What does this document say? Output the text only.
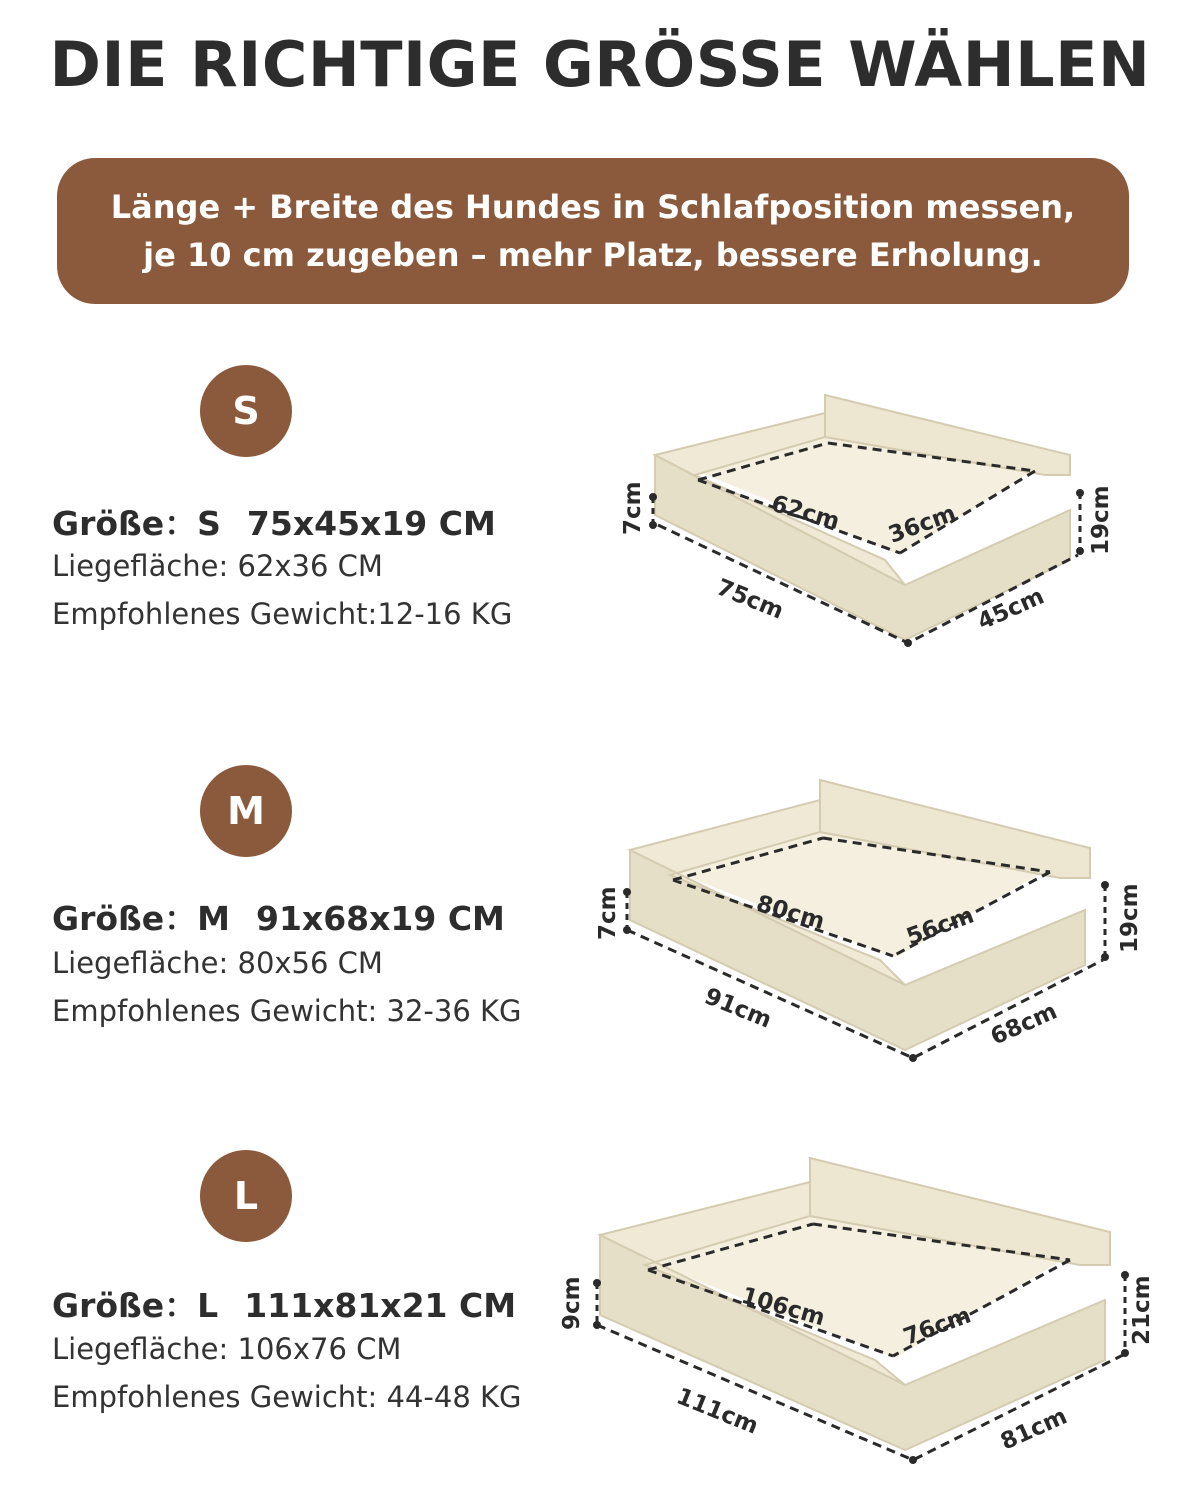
DIE RICHTIGE GRÖSSE WÄHLEN
Länge + Breite des Hundes in Schlafposition messen,
je 10 cm zugeben – mehr Platz, bessere Erholung.
S
Größe：S 75x45x19 CM
Liegefläche: 62x36 CM
Empfohlenes Gewicht:12-16 KG
62cm 36cm
75cm	45cm
7cm	19cm
M
Größe：M 91x68x19 CM
Liegefläche: 80x56 CM
Empfohlenes Gewicht: 32-36 KG
80cm	56cm
91cm	68cm
7cm	19cm
L
Größe：L 111x81x21 CM
Liegefläche: 106x76 CM
Empfohlenes Gewicht: 44-48 KG
106cm	76cm
111cm	81cm
9cm	21cm
